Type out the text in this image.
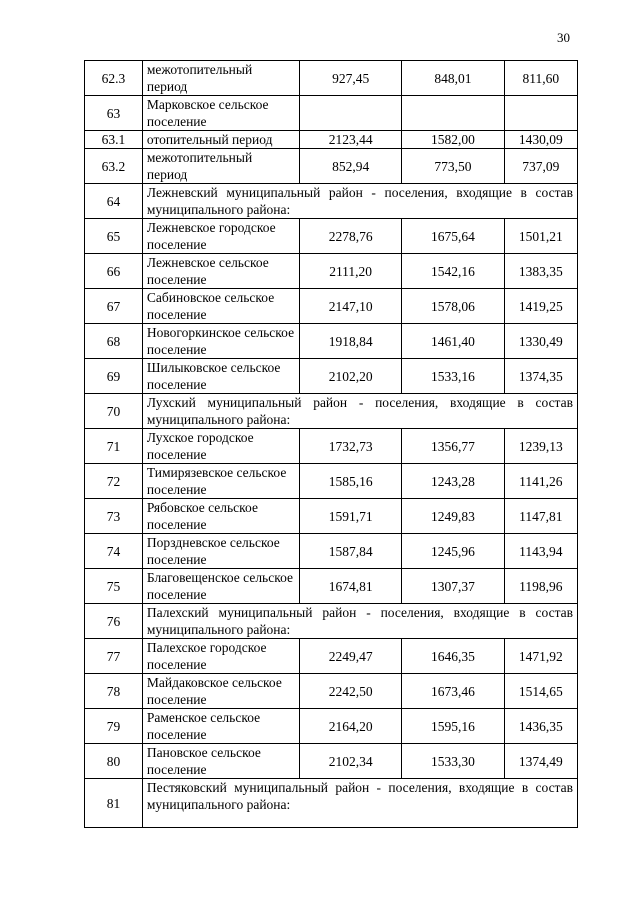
30
62.3	межотопительный период	927,45	848,01	811,60
63	Марковское сельское поселение			
63.1	отопительный период	2123,44	1582,00	1430,09
63.2	межотопительный период	852,94	773,50	737,09
64	Лежневский муниципальный район - поселения, входящие в состав муниципального района:			
65	Лежневское городское поселение	2278,76	1675,64	1501,21
66	Лежневское сельское поселение	2111,20	1542,16	1383,35
67	Сабиновское сельское поселение	2147,10	1578,06	1419,25
68	Новогоркинское сельское поселение	1918,84	1461,40	1330,49
69	Шилыковское сельское поселение	2102,20	1533,16	1374,35
70	Лухский муниципальный район - поселения, входящие в состав муниципального района:			
71	Лухское городское поселение	1732,73	1356,77	1239,13
72	Тимирязевское сельское поселение	1585,16	1243,28	1141,26
73	Рябовское сельское поселение	1591,71	1249,83	1147,81
74	Порздневское сельское поселение	1587,84	1245,96	1143,94
75	Благовещенское сельское поселение	1674,81	1307,37	1198,96
76	Палехский муниципальный район - поселения, входящие в состав муниципального района:			
77	Палехское городское поселение	2249,47	1646,35	1471,92
78	Майдаковское сельское поселение	2242,50	1673,46	1514,65
79	Раменское сельское поселение	2164,20	1595,16	1436,35
80	Пановское сельское поселение	2102,34	1533,30	1374,49
81	Пестяковский муниципальный район - поселения, входящие в состав муниципального района:			
